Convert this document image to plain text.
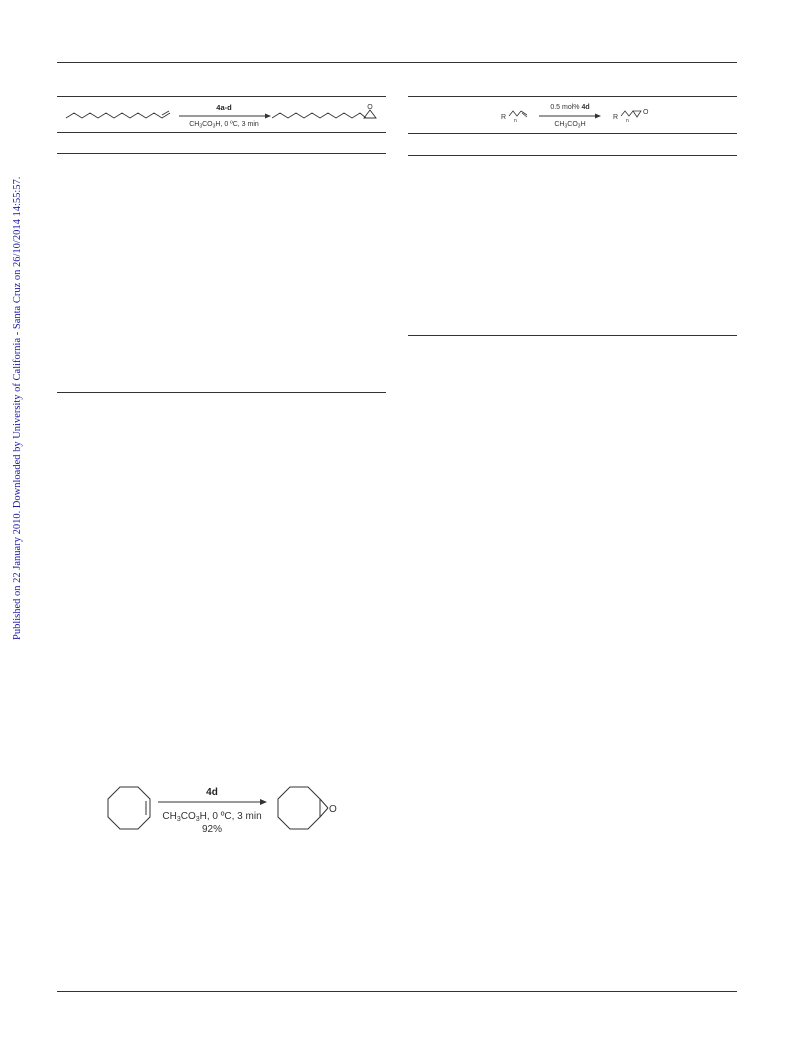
Published on 22 January 2010. Downloaded by University of California - Santa Cruz on 26/10/2014 14:55:57.
4a-d
$CH_3CO_3H$, 0 ºC, 3 min
O
R n
0.5 mol% 4d
$CH_3CO_3H$
R n
O
4d
$CH_3CO_3H$, 0 ºC, 3 min
92%
O
